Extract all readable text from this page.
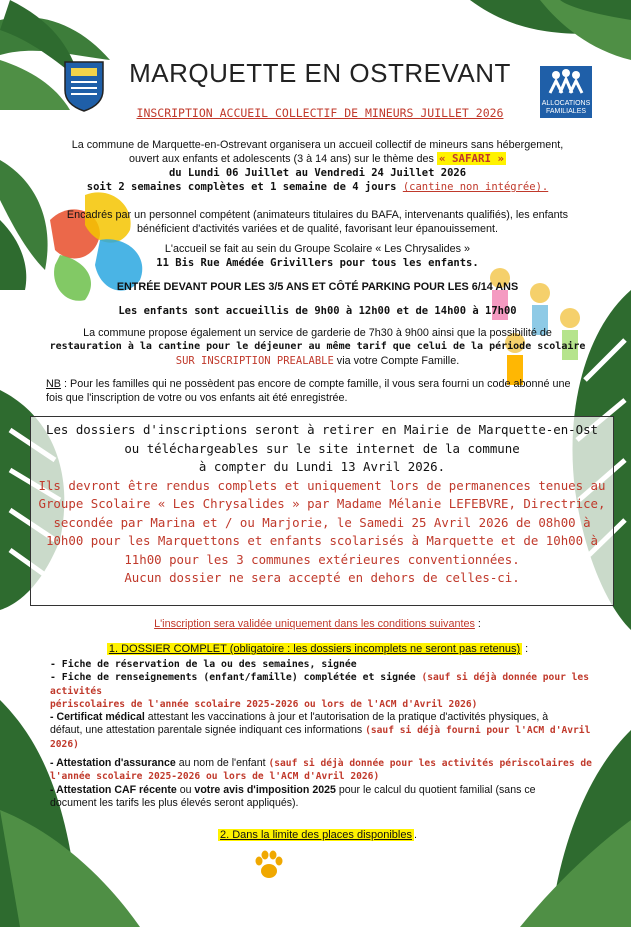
MARQUETTE EN OSTREVANT
INSCRIPTION ACCUEIL COLLECTIF DE MINEURS JUILLET 2026
ALLOCATIONS
FAMILIALES
La commune de Marquette-en-Ostrevant organisera un accueil collectif de mineurs sans hébergement,
ouvert aux enfants et adolescents (3 à 14 ans) sur le thème des « SAFARI »
du Lundi 06 Juillet au Vendredi 24 Juillet 2026
soit 2 semaines complètes et 1 semaine de 4 jours (cantine non intégrée).
Encadrés par un personnel compétent (animateurs titulaires du BAFA, intervenants qualifiés), les enfants
bénéficient d'activités variées et de qualité, favorisant leur épanouissement.
L'accueil se fait au sein du Groupe Scolaire « Les Chrysalides »
11 Bis Rue Amédée Grivillers pour tous les enfants.
ENTRÉE DEVANT POUR LES 3/5 ANS ET CÔTÉ PARKING POUR LES 6/14 ANS
Les enfants sont accueillis de 9h00 à 12h00 et de 14h00 à 17h00
La commune propose également un service de garderie de 7h30 à 9h00 ainsi que la possibilité de
restauration à la cantine pour le déjeuner au même tarif que celui de la période scolaire
SUR INSCRIPTION PREALABLE via votre Compte Famille.
NB : Pour les familles qui ne possèdent pas encore de compte famille, il vous sera fourni un code abonné une
fois que l'inscription de votre ou vos enfants ait été enregistrée.
Les dossiers d'inscriptions seront à retirer en Mairie de Marquette-en-Ost
ou téléchargeables sur le site internet de la commune
à compter du Lundi 13 Avril 2026.
Ils devront être rendus complets et uniquement lors de permanences tenues au
Groupe Scolaire « Les Chrysalides » par Madame Mélanie LEFEBVRE, Directrice,
secondée par Marina et / ou Marjorie, le Samedi 25 Avril 2026 de 08h00 à
10h00 pour les Marquettons et enfants scolarisés à Marquette et de 10h00 à
11h00 pour les 3 communes extérieures conventionnées.
Aucun dossier ne sera accepté en dehors de celles-ci.
L'inscription sera validée uniquement dans les conditions suivantes :
1. DOSSIER COMPLET (obligatoire : les dossiers incomplets ne seront pas retenus) :
- Fiche de réservation de la ou des semaines, signée
- Fiche de renseignements (enfant/famille) complétée et signée (sauf si déjà donnée pour les activités
périscolaires de l'année scolaire 2025-2026 ou lors de l'ACM d'Avril 2026)
- Certificat médical attestant les vaccinations à jour et l'autorisation de la pratique d'activités physiques, à
défaut, une attestation parentale signée indiquant ces informations (sauf si déjà fourni pour l'ACM d'Avril
2026)
- Attestation d'assurance au nom de l'enfant (sauf si déjà donnée pour les activités périscolaires de
l'année scolaire 2025-2026 ou lors de l'ACM d'Avril 2026)
- Attestation CAF récente ou votre avis d'imposition 2025 pour le calcul du quotient familial (sans ce
document les tarifs les plus élevés seront appliqués).
2. Dans la limite des places disponibles .
